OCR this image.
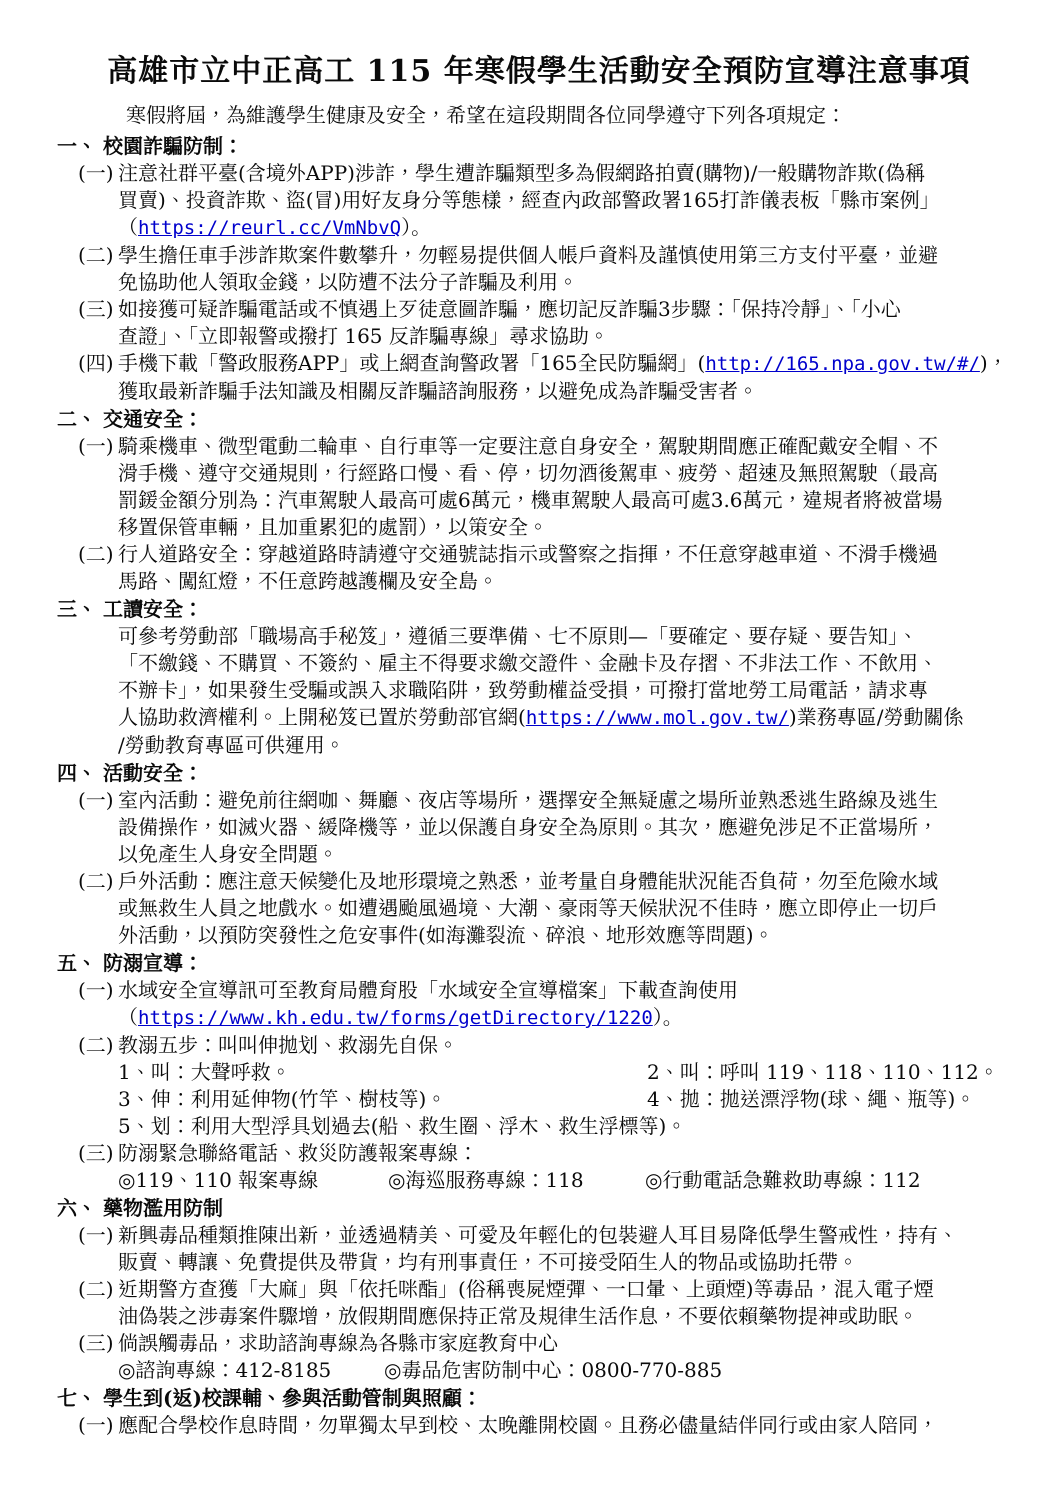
高雄市立中正高工 115 年寒假學生活動安全預防宣導注意事項
寒假將屆，為維護學生健康及安全，希望在這段期間各位同學遵守下列各項規定：
一、 校園詐騙防制：
(一) 注意社群平臺(含境外APP)涉詐，學生遭詐騙類型多為假網路拍賣(購物)/一般購物詐欺(偽稱
買賣)、投資詐欺、盜(冒)用好友身分等態樣，經查內政部警政署165打詐儀表板「縣市案例」
（https://reurl.cc/VmNbvQ）。
(二) 學生擔任車手涉詐欺案件數攀升，勿輕易提供個人帳戶資料及謹慎使用第三方支付平臺，並避
免協助他人領取金錢，以防遭不法分子詐騙及利用。
(三) 如接獲可疑詐騙電話或不慎遇上歹徒意圖詐騙，應切記反詐騙3步驟：「保持冷靜」、「小心
查證」、「立即報警或撥打 165 反詐騙專線」尋求協助。
(四) 手機下載「警政服務APP」或上網查詢警政署「165全民防騙網」(http://165.npa.gov.tw/#/)，
獲取最新詐騙手法知識及相關反詐騙諮詢服務，以避免成為詐騙受害者。
二、 交通安全：
(一) 騎乘機車、微型電動二輪車、自行車等一定要注意自身安全，駕駛期間應正確配戴安全帽、不
滑手機、遵守交通規則，行經路口慢、看、停，切勿酒後駕車、疲勞、超速及無照駕駛（最高
罰鍰金額分別為：汽車駕駛人最高可處6萬元，機車駕駛人最高可處3.6萬元，違規者將被當場
移置保管車輛，且加重累犯的處罰），以策安全。
(二) 行人道路安全：穿越道路時請遵守交通號誌指示或警察之指揮，不任意穿越車道、不滑手機過
馬路、闖紅燈，不任意跨越護欄及安全島。
三、 工讀安全：
可參考勞動部「職場高手秘笈」，遵循三要準備、七不原則—「要確定、要存疑、要告知」、
「不繳錢、不購買、不簽約、雇主不得要求繳交證件、金融卡及存摺、不非法工作、不飲用、
不辦卡」，如果發生受騙或誤入求職陷阱，致勞動權益受損，可撥打當地勞工局電話，請求專
人協助救濟權利。上開秘笈已置於勞動部官網(https://www.mol.gov.tw/)業務專區/勞動關係
/勞動教育專區可供運用。
四、 活動安全：
(一) 室內活動：避免前往網咖、舞廳、夜店等場所，選擇安全無疑慮之場所並熟悉逃生路線及逃生
設備操作，如滅火器、緩降機等，並以保護自身安全為原則。其次，應避免涉足不正當場所，
以免產生人身安全問題。
(二) 戶外活動：應注意天候變化及地形環境之熟悉，並考量自身體能狀況能否負荷，勿至危險水域
或無救生人員之地戲水。如遭遇颱風過境、大潮、豪雨等天候狀況不佳時，應立即停止一切戶
外活動，以預防突發性之危安事件(如海灘裂流、碎浪、地形效應等問題)。
五、 防溺宣導：
(一) 水域安全宣導訊可至教育局體育股「水域安全宣導檔案」下載查詢使用
（https://www.kh.edu.tw/forms/getDirectory/1220）。
(二) 教溺五步：叫叫伸拋划、救溺先自保。
1、叫：大聲呼救。	2、叫：呼叫 119、118、110、112。
3、伸：利用延伸物(竹竿、樹枝等)。	4、拋：拋送漂浮物(球、繩、瓶等)。
5、划：利用大型浮具划過去(船、救生圈、浮木、救生浮標等)。
(三) 防溺緊急聯絡電話、救災防護報案專線：
◎119、110 報案專線	◎海巡服務專線：118	◎行動電話急難救助專線：112
六、 藥物濫用防制
(一) 新興毒品種類推陳出新，並透過精美、可愛及年輕化的包裝避人耳目易降低學生警戒性，持有、
販賣、轉讓、免費提供及帶貨，均有刑事責任，不可接受陌生人的物品或協助托帶。
(二) 近期警方查獲「大麻」與「依托咪酯」(俗稱喪屍煙彈、一口暈、上頭煙)等毒品，混入電子煙
油偽裝之涉毒案件驟增，放假期間應保持正常及規律生活作息，不要依賴藥物提神或助眠。
(三) 倘誤觸毒品，求助諮詢專線為各縣市家庭教育中心
◎諮詢專線：412-8185	◎毒品危害防制中心：0800-770-885
七、 學生到(返)校課輔、參與活動管制與照顧：
(一) 應配合學校作息時間，勿單獨太早到校、太晚離開校園。且務必儘量結伴同行或由家人陪同，
